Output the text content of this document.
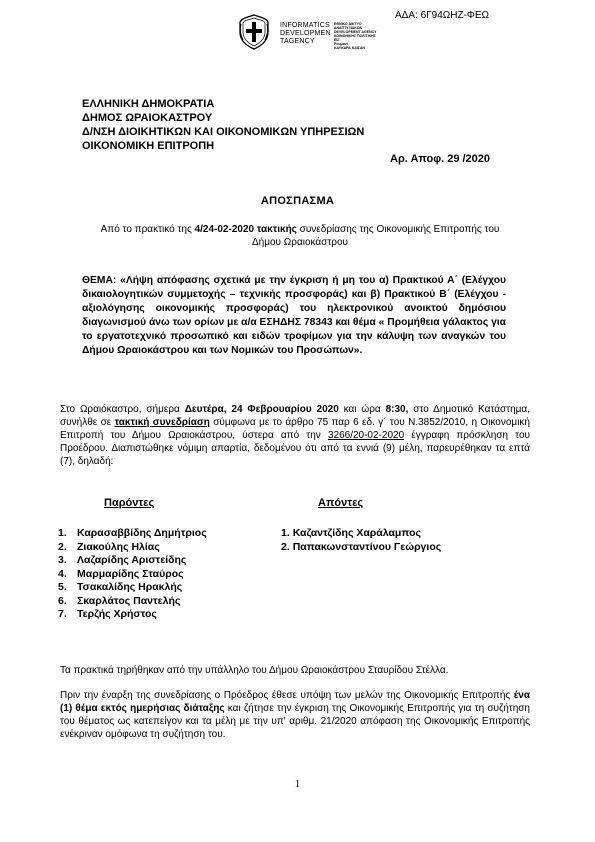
ΑΔΑ: 6Γ94ΩΗΖ-ΦΕΩ
INFORMATICS
DEVELOPMEN
TAGENCY
ΕΘΝΙΚΟ ΔΙΚΤΥΟ
ΑΝΑΠΤΥΞΙΑΚΩΝ
DEVELOPMENT AGENCY
ΚΟΙΝΩΝΙΚΗΣ ΠΟΛΙΤΙΚΗΣ
ΕΙΣ
Ρουμανί
ΚΑΥΚΑΡΑ ΚΑΙΣΑΝ
ΕΛΛΗΝΙΚΗ ΔΗΜΟΚΡΑΤΙΑ
ΔΗΜΟΣ ΩΡΑΙΟΚΑΣΤΡΟΥ
Δ/ΝΣΗ ΔΙΟΙΚΗΤΙΚΩΝ ΚΑΙ ΟΙΚΟΝΟΜΙΚΩΝ ΥΠΗΡΕΣΙΩΝ
ΟΙΚΟΝΟΜΙΚΗ ΕΠΙΤΡΟΠΗ
Αρ. Αποφ. 29 /2020
ΑΠΟΣΠΑΣΜΑ
Από το πρακτικό της 4/24-02-2020 τακτικής συνεδρίασης της Οικονομικής Επιτροπής του Δήμου Ωραιοκάστρου
ΘΕΜΑ: «Λήψη απόφασης σχετικά με την έγκριση ή μη του α) Πρακτικού Α΄ (Ελέγχου δικαιολογητικών συμμετοχής – τεχνικής προσφοράς) και β) Πρακτικού Β΄ (Ελέγχου - αξιολόγησης οικονομικής προσφοράς) του ηλεκτρονικού ανοικτού δημόσιου διαγωνισμού άνω των ορίων με α/α ΕΣΗΔΗΣ 78343 και θέμα « Προμήθεια γάλακτος για το εργατοτεχνικό προσωπικό και ειδών τροφίμων για την κάλυψη των αναγκών του Δήμου Ωραιοκάστρου και των Νομικών του Προσώπων».
Στο Ωραιόκαστρο, σήμερα Δευτέρα, 24 Φεβρουαρίου 2020 και ώρα 8:30, στο Δημοτικό Κατάστημα, συνήλθε σε τακτική συνεδρίαση σύμφωνα με το άρθρο 75 παρ 6 εδ. γ΄ του Ν.3852/2010, η Οικονομική Επιτροπή του Δήμου Ωραιοκάστρου, ύστερα από την 3266/20-02-2020 έγγραφη πρόσκληση του Προέδρου. Διαπιστώθηκε νόμιμη απαρτία, δεδομένου ότι από τα εννιά (9) μέλη, παρευρέθηκαν τα επτά (7), δηλαδή:
Παρόντες	Απόντες
1. Καρασαββίδης Δημήτριος
2. Ζιακούλης Ηλίας
3. Λαζαρίδης Αριστείδης
4. Μαρμαρίδης Σταύρος
5. Τσακαλίδης Ηρακλής
6. Σκαρλάτος Παντελής
7. Τερζής Χρήστος
1. Καζαντζίδης Χαράλαμπος
2. Παπακωνσταντίνου Γεώργιος
Τα πρακτικά τηρήθηκαν από την υπάλληλο του Δήμου Ωραιοκάστρου Σταυρίδου Στέλλα.
Πριν την έναρξη της συνεδρίασης ο Πρόεδρος έθεσε υπόψη των μελών της Οικονομικής Επιτροπής ένα (1) θέμα εκτός ημερήσιας διάταξης και ζήτησε την έγκριση της Οικονομικής Επιτροπής για τη συζήτηση του θέματος ως κατεπείγον και τα μέλη με την υπ' αριθμ. 21/2020 απόφαση της Οικονομικής Επιτροπής ενέκριναν ομόφωνα τη συζήτηση του.
1
